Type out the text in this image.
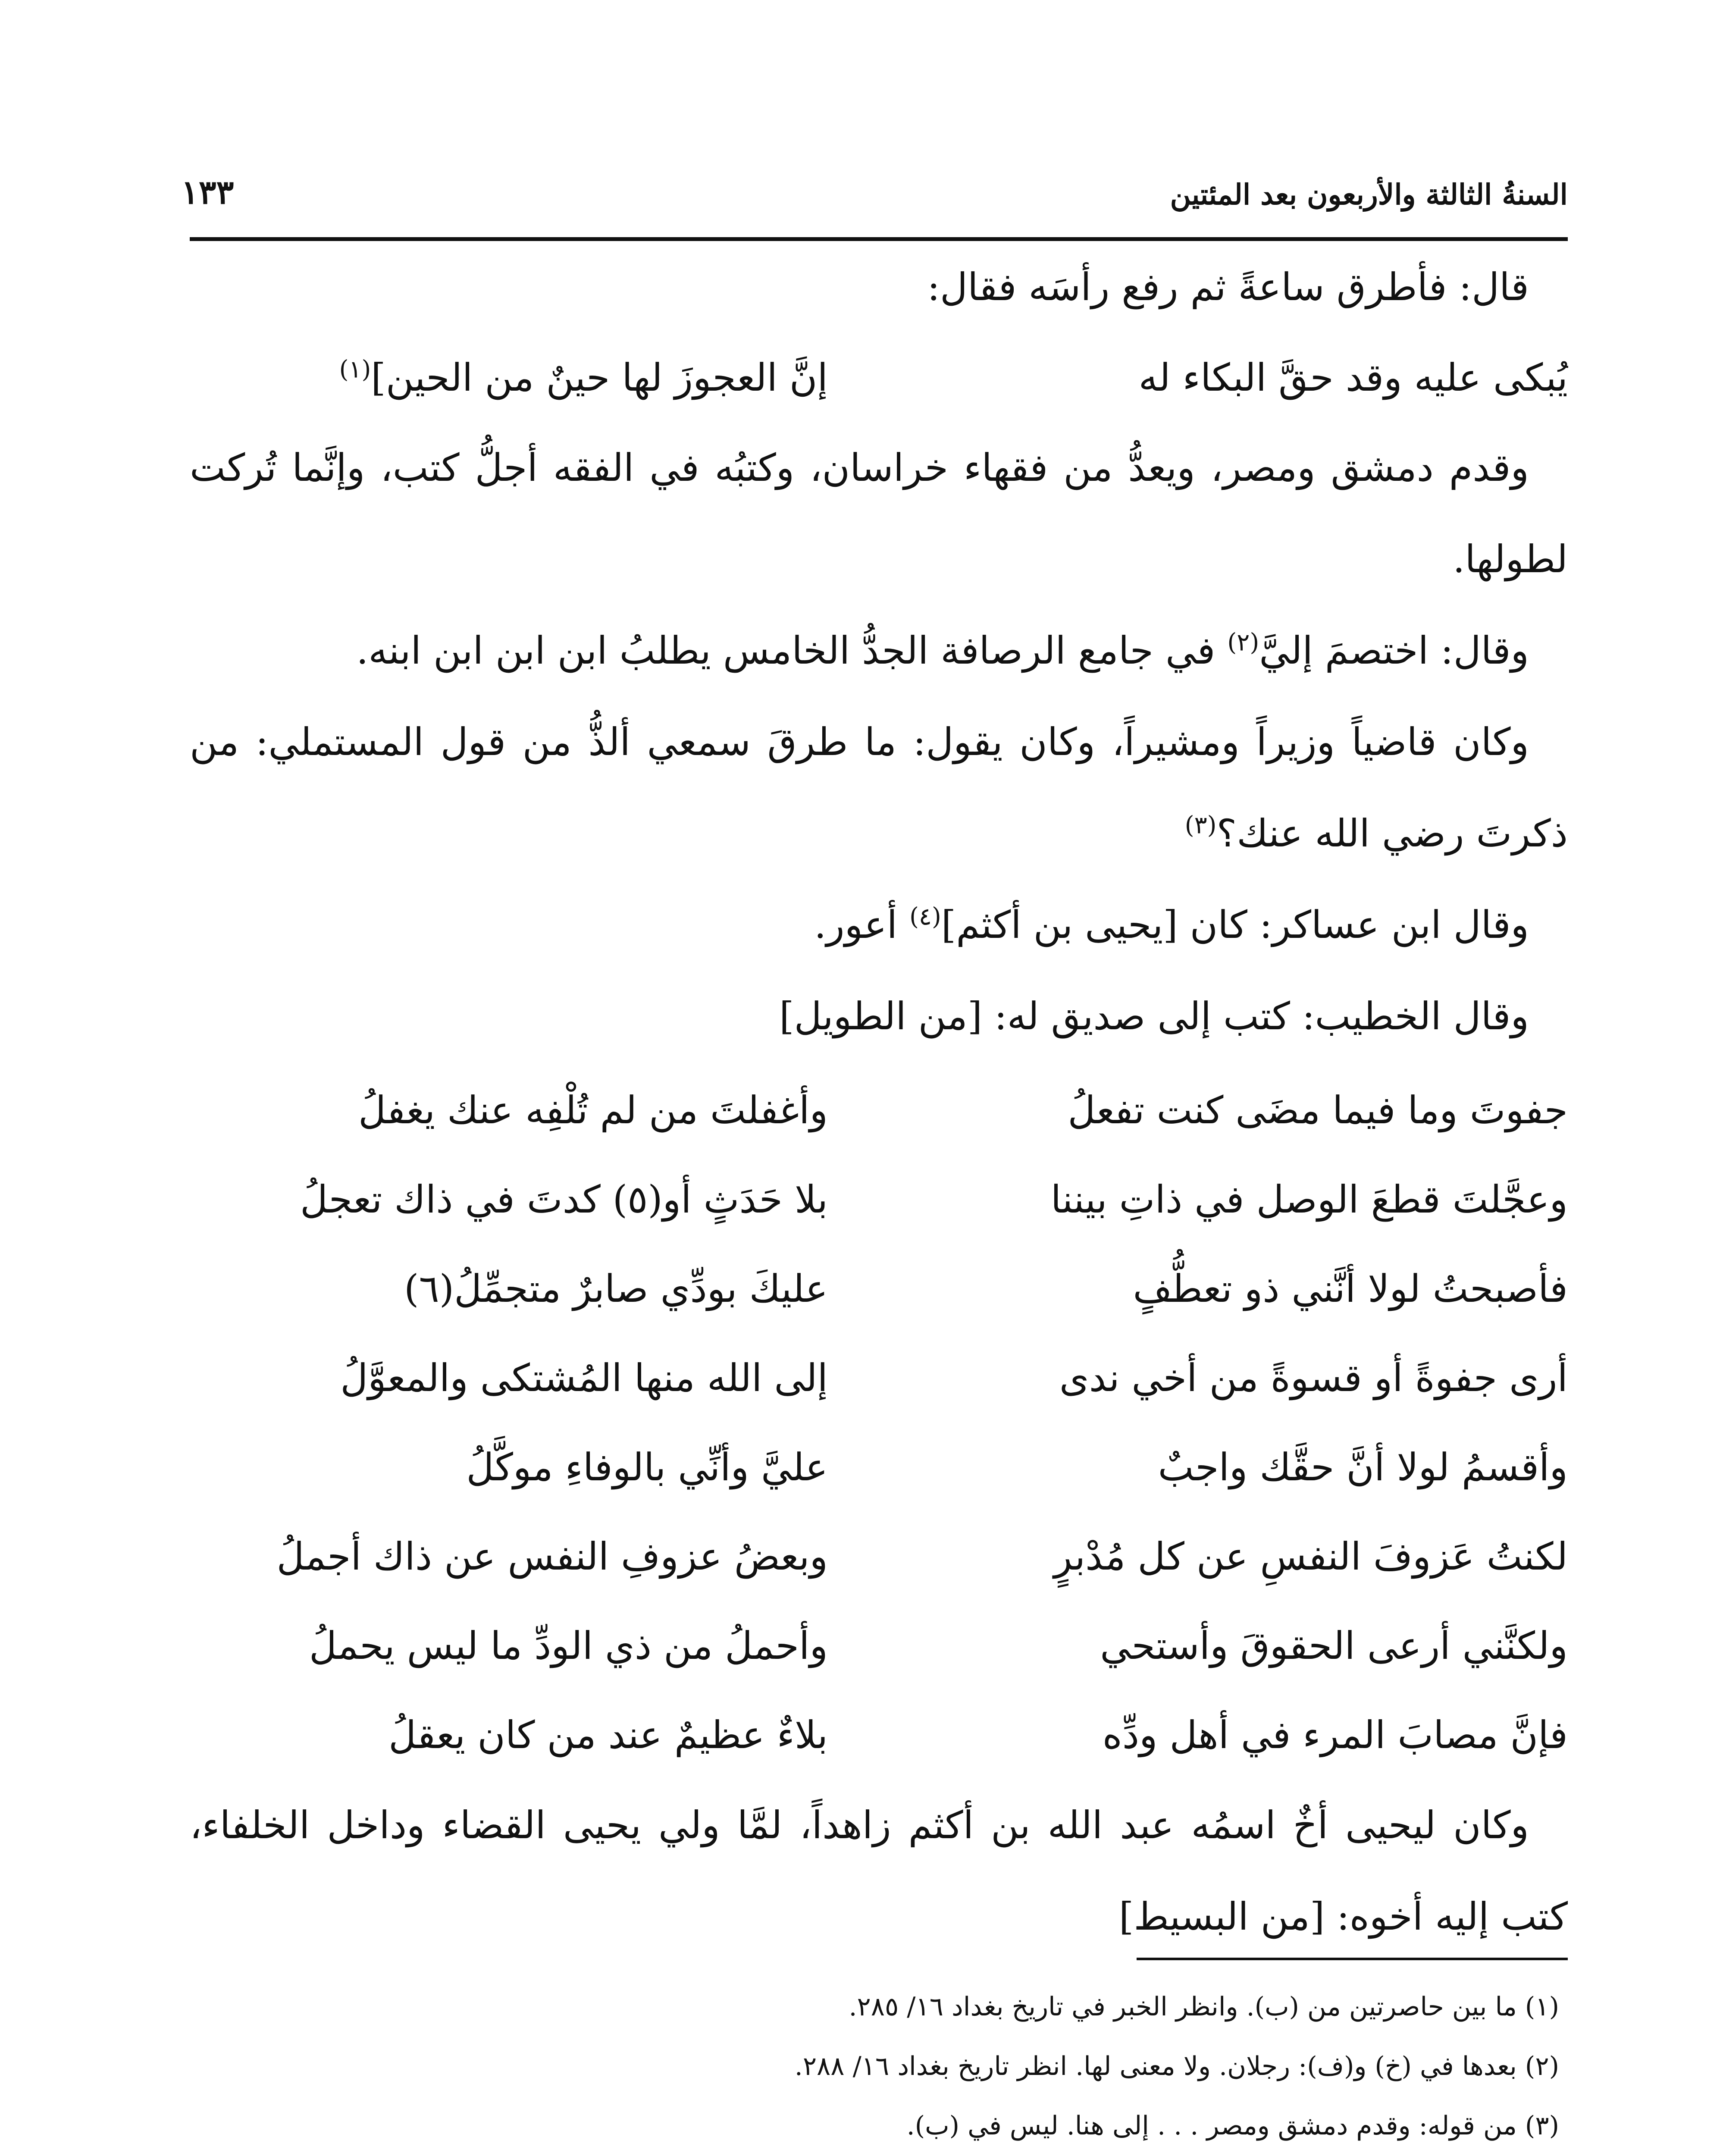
السنةُ الثالثة والأربعون بعد المئتين
١٣٣

قال: فأطرق ساعةً ثم رفع رأسَه فقال:

يُبكى عليه وقد حقَّ البكاء له
إنَّ العجوزَ لها حينٌ من الحين]$^{(١)}$

وقدم دمشق ومصر، ويعدُّ من فقهاء خراسان، وكتبُه في الفقه أجلُّ كتب، وإنَّما تُركت لطولها.

وقال: اختصمَ إليَّ$^{(٢)}$ في جامع الرصافة الجدُّ الخامس يطلبُ ابن ابن ابن ابنه.

وكان قاضياً وزيراً ومشيراً، وكان يقول: ما طرقَ سمعي ألذُّ من قول المستملي: من ذكرتَ رضي الله عنك؟$^{(٣)}$

وقال ابن عساكر: كان [يحيى بن أكثم]$^{(٤)}$ أعور.

وقال الخطيب: كتب إلى صديق له: [من الطويل]

جفوتَ وما فيما مضَى كنت تفعلُ
وأغفلتَ من لم تُلْفِه عنك يغفلُ
وعجَّلتَ قطعَ الوصل في ذاتِ بيننا
بلا حَدَثٍ أو(٥) كدتَ في ذاك تعجلُ
فأصبحتُ لولا أنَّني ذو تعطُّفٍ
عليكَ بودِّي صابرٌ متجمِّلُ(٦)
أرى جفوةً أو قسوةً من أخي ندى
إلى الله منها المُشتكى والمعوَّلُ
وأقسمُ لولا أنَّ حقَّك واجبٌ
عليَّ وأنِّي بالوفاءِ موكَّلُ
لكنتُ عَزوفَ النفسِ عن كل مُدْبرٍ
وبعضُ عزوفِ النفس عن ذاك أجملُ
ولكنَّني أرعى الحقوقَ وأستحي
وأحملُ من ذي الودِّ ما ليس يحملُ
فإنَّ مصابَ المرء في أهل ودِّه
بلاءٌ عظيمٌ عند من كان يعقلُ

وكان ليحيى أخٌ اسمُه عبد الله بن أكثم زاهداً، لمَّا ولي يحيى القضاء وداخل الخلفاء، كتب إليه أخوه: [من البسيط]

(١) ما بين حاصرتين من (ب). وانظر الخبر في تاريخ بغداد ١٦/ ٢٨٥.

(٢) بعدها في (خ) و(ف): رجلان. ولا معنى لها. انظر تاريخ بغداد ١٦/ ٢٨٨.

(٣) من قوله: وقدم دمشق ومصر . . . إلى هنا. ليس في (ب).
